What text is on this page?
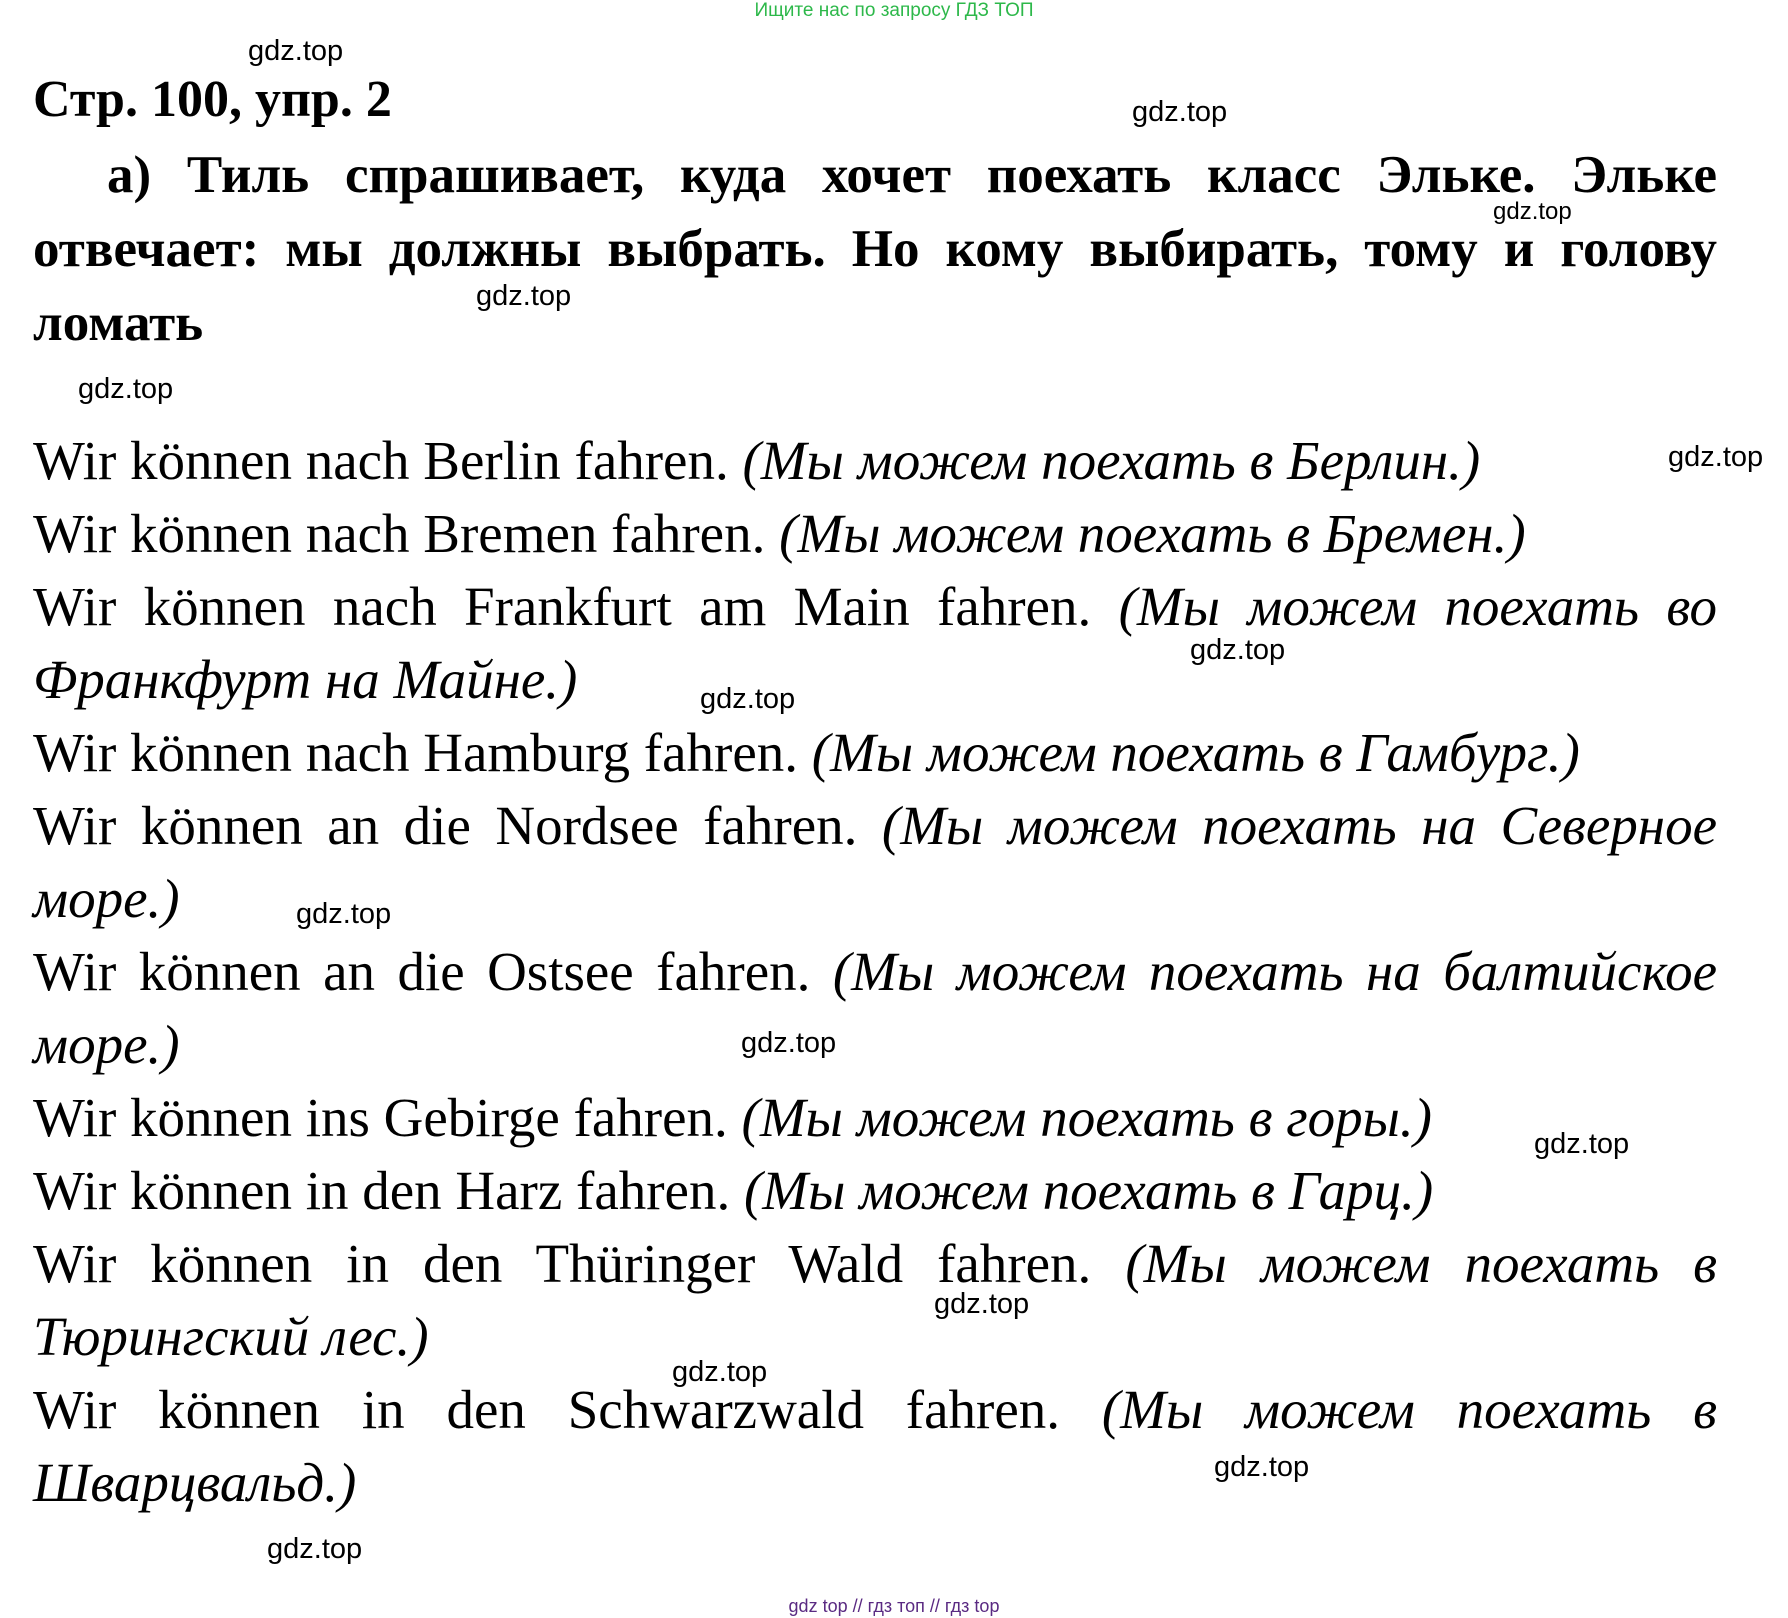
Ищите нас по запросу ГДЗ ТОП
Стр. 100, упр. 2

а) Тиль спрашивает, куда хочет поехать класс Эльке. Эльке отвечает: мы должны выбрать. Но кому выбирать, тому и голову ломать

Wir können nach Berlin fahren. (Мы можем поехать в Берлин.)

Wir können nach Bremen fahren. (Мы можем поехать в Бремен.)

Wir können nach Frankfurt am Main fahren. (Мы можем поехать во Франкфурт на Майне.)

Wir können nach Hamburg fahren. (Мы можем поехать в Гамбург.)

Wir können an die Nordsee fahren. (Мы можем поехать на Северное море.)

Wir können an die Ostsee fahren. (Мы можем поехать на балтийское море.)

Wir können ins Gebirge fahren. (Мы можем поехать в горы.)

Wir können in den Harz fahren. (Мы можем поехать в Гарц.)

Wir können in den Thüringer Wald fahren. (Мы можем поехать в Тюрингский лес.)

Wir können in den Schwarzwald fahren. (Мы можем поехать в Шварцвальд.)

gdz.top
gdz.top
gdz.top
gdz.top
gdz.top
gdz.top
gdz.top
gdz.top
gdz.top
gdz.top
gdz.top
gdz.top
gdz.top
gdz.top
gdz.top
gdz top // гдз топ // гдз top
